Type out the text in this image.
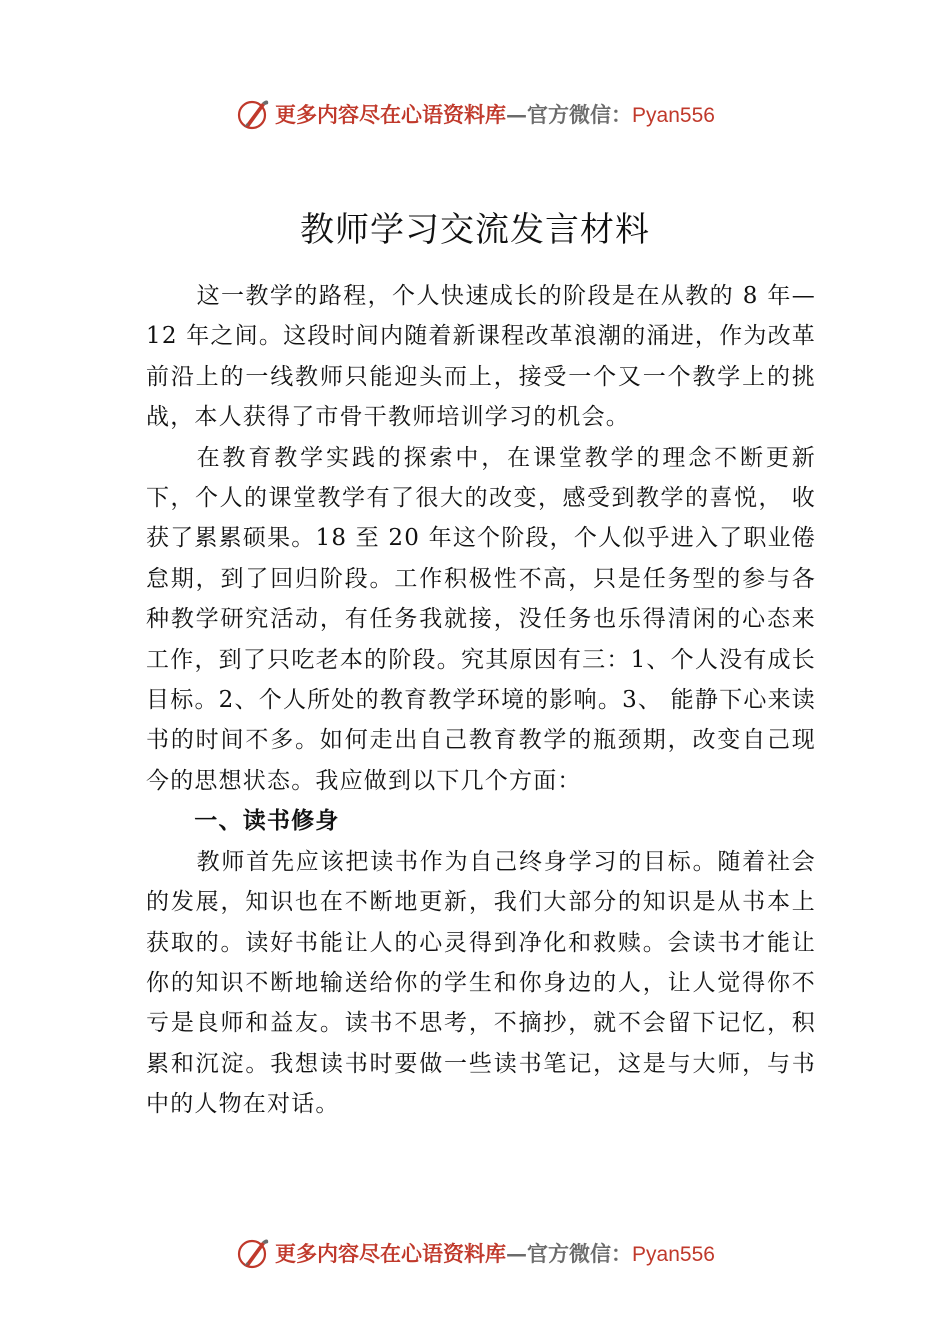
更多内容尽在心语资料库—官方微信：Pyan556
教师学习交流发言材料

这一教学的路程，个人快速成长的阶段是在从教的 8 年—12 年之间。这段时间内随着新课程改革浪潮的涌进，作为改革前沿上的一线教师只能迎头而上，接受一个又一个教学上的挑战，本人获得了市骨干教师培训学习的机会。

在教育教学实践的探索中，在课堂教学的理念不断更新下，个人的课堂教学有了很大的改变，感受到教学的喜悦， 收获了累累硕果。18 至 20 年这个阶段，个人似乎进入了职业倦怠期，到了回归阶段。工作积极性不高，只是任务型的参与各种教学研究活动，有任务我就接，没任务也乐得清闲的心态来工作，到了只吃老本的阶段。究其原因有三：1、个人没有成长目标。2、个人所处的教育教学环境的影响。3、 能静下心来读书的时间不多。如何走出自己教育教学的瓶颈期，改变自己现今的思想状态。我应做到以下几个方面：

一、读书修身

教师首先应该把读书作为自己终身学习的目标。随着社会的发展，知识也在不断地更新，我们大部分的知识是从书本上获取的。读好书能让人的心灵得到净化和救赎。会读书才能让你的知识不断地输送给你的学生和你身边的人，让人觉得你不亏是良师和益友。读书不思考，不摘抄，就不会留下记忆，积累和沉淀。我想读书时要做一些读书笔记，这是与大师，与书中的人物在对话。

更多内容尽在心语资料库—官方微信：Pyan556
